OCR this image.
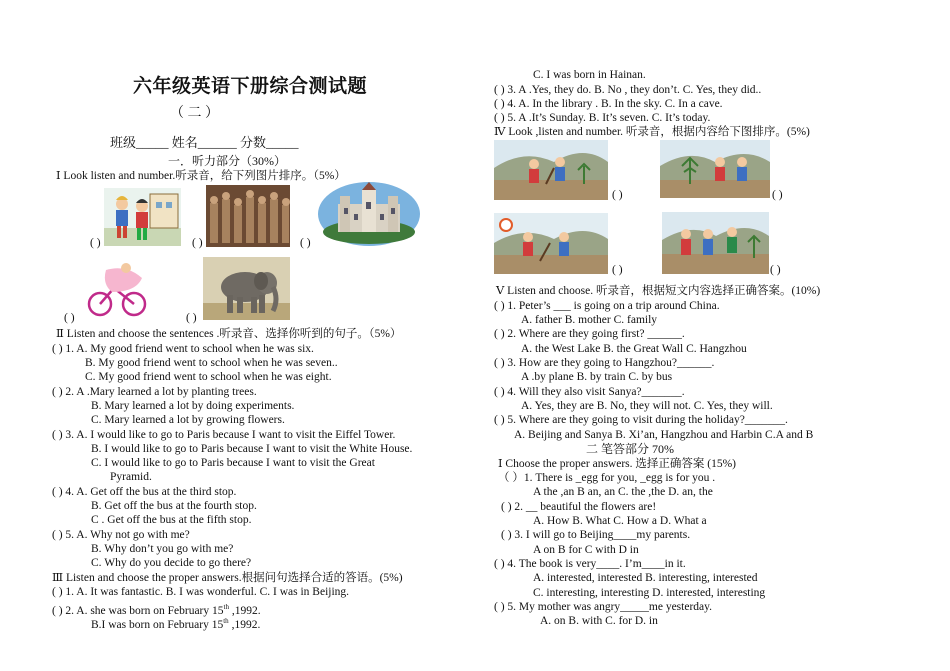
六年级英语下册综合测试题
（ 二 ）
班级_____ 姓名______ 分数_____
一．听力部分（30%）
Ⅰ Look listen and number.听录音，给下列图片排序。（5%）
( )	( )	( )
( )	( )
Ⅱ Listen and choose the sentences .听录音、选择你听到的句子。（5%）
( ) 1. A. My good friend went to school when he was six.
B. My good friend went to school when he was seven..
C. My good friend went to school when he was eight.
( ) 2. A .Mary learned a lot by planting trees.
B. Mary learned a lot by doing experiments.
C. Mary learned a lot by growing flowers.
( ) 3. A. I would like to go to Paris because I want to visit the Eiffel Tower.
B. I would like to go to Paris because I want to visit the White House.
C. I would like to go to Paris because I want to visit the Great
Pyramid.
( ) 4. A. Get off the bus at the third stop.
B. Get off the bus at the fourth stop.
C . Get off the bus at the fifth stop.
( ) 5. A. Why not go with me?
B. Why don’t you go with me?
C. Why do you decide to go there?
Ⅲ Listen and choose the proper answers.根据问句选择合适的答语。(5%)
( ) 1. A. It was fantastic. B. I was wonderful. C. I was in Beijing.
( ) 2. A. she was born on February 15th ,1992.
B.I was born on February 15th ,1992.
C. I was born in Hainan.
( ) 3. A .Yes, they do. B. No , they don’t. C. Yes, they did..
( ) 4. A. In the library . B. In the sky. C. In a cave.
( ) 5. A .It’s Sunday. B. It’s seven. C. It’s today.
Ⅳ Look ,listen and number. 听录音，根据内容给下图排序。(5%)
( )	( )
( )	( )
Ⅴ Listen and choose. 听录音，根据短文内容选择正确答案。(10%)
( ) 1. Peter’s ___ is going on a trip around China.
A. father B. mother C. family
( ) 2. Where are they going first? ______.
A. the West Lake B. the Great Wall C. Hangzhou
( ) 3. How are they going to Hangzhou?______.
A .by plane B. by train C. by bus
( ) 4. Will they also visit Sanya?_______.
A. Yes, they are B. No, they will not. C. Yes, they will.
( ) 5. Where are they going to visit during the holiday?_______.
A. Beijing and Sanya B. Xi’an, Hangzhou and Harbin C.A and B
二 笔答部分 70%
Ⅰ Choose the proper answers. 选择正确答案 (15%)
（ ）1. There is _egg for you, _egg is for you .
A the ,an B an, an C. the ,the D. an, the
( ) 2. __ beautiful the flowers are!
A. How B. What C. How a D. What a
( ) 3. I will go to Beijing____my parents.
A on B for C with D in
( ) 4. The book is very____. I’m____in it.
A. interested, interested B. interesting, interested
C. interesting, interesting D. interested, interesting
( ) 5. My mother was angry_____me yesterday.
A. on B. with C. for D. in
